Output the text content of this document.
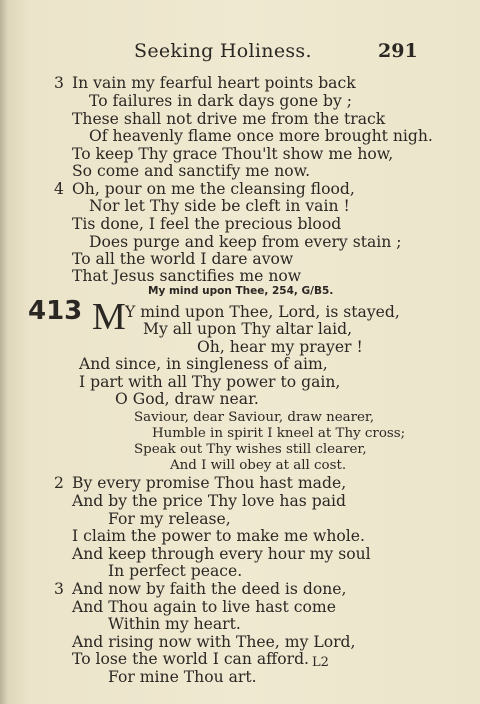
Seeking Holiness.	291
3 In vain my fearful heart points back
To failures in dark days gone by ;
These shall not drive me from the track
Of heavenly flame once more brought nigh.
To keep Thy grace Thou'lt show me how,
So come and sanctify me now.
4 Oh, pour on me the cleansing flood,
Nor let Thy side be cleft in vain !
Tis done, I feel the precious blood
Does purge and keep from every stain ;
To all the world I dare avow
That Jesus sanctifies me now
My mind upon Thee, 254, G/B5.
413 M Y mind upon Thee, Lord, is stayed,
My all upon Thy altar laid,
Oh, hear my prayer !
And since, in singleness of aim,
I part with all Thy power to gain,
O God, draw near.
Saviour, dear Saviour, draw nearer,
Humble in spirit I kneel at Thy cross;
Speak out Thy wishes still clearer,
And I will obey at all cost.
2 By every promise Thou hast made,
And by the price Thy love has paid
For my release,
I claim the power to make me whole.
And keep through every hour my soul
In perfect peace.
3 And now by faith the deed is done,
And Thou again to live hast come
Within my heart.
And rising now with Thee, my Lord,
To lose the world I can afford.
For mine Thou art.
L2
